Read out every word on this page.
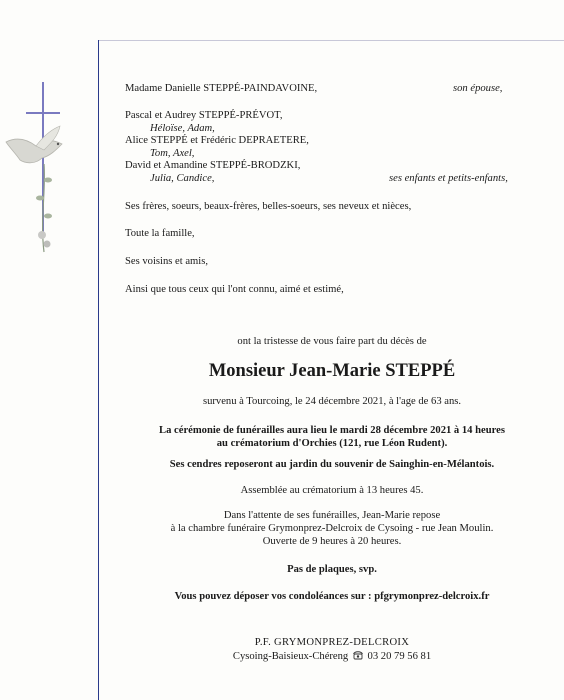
Madame Danielle STEPPÉ-PAINDAVOINE,	son épouse,
Pascal et Audrey STEPPÉ-PRÉVOT,
Héloïse, Adam,
Alice STEPPÉ et Frédéric DEPRAETERE,
Tom, Axel,
David et Amandine STEPPÉ-BRODZKI,
Julia, Candice,	ses enfants et petits-enfants,
Ses frères, soeurs, beaux-frères, belles-soeurs, ses neveux et nièces,
Toute la famille,
Ses voisins et amis,
Ainsi que tous ceux qui l'ont connu, aimé et estimé,
ont la tristesse de vous faire part du décès de
Monsieur Jean-Marie STEPPÉ
survenu à Tourcoing, le 24 décembre 2021, à l'age de 63 ans.
La cérémonie de funérailles aura lieu le mardi 28 décembre 2021 à 14 heures
au crématorium d'Orchies (121, rue Léon Rudent).
Ses cendres reposeront au jardin du souvenir de Sainghin-en-Mélantois.
Assemblée au crématorium à 13 heures 45.
Dans l'attente de ses funérailles, Jean-Marie repose
à la chambre funéraire Grymonprez-Delcroix de Cysoing - rue Jean Moulin.
Ouverte de 9 heures à 20 heures.
Pas de plaques, svp.
Vous pouvez déposer vos condoléances sur : pfgrymonprez-delcroix.fr
P.F. GRYMONPREZ-DELCROIX
Cysoing-Baisieux-Chéreng 03 20 79 56 81
